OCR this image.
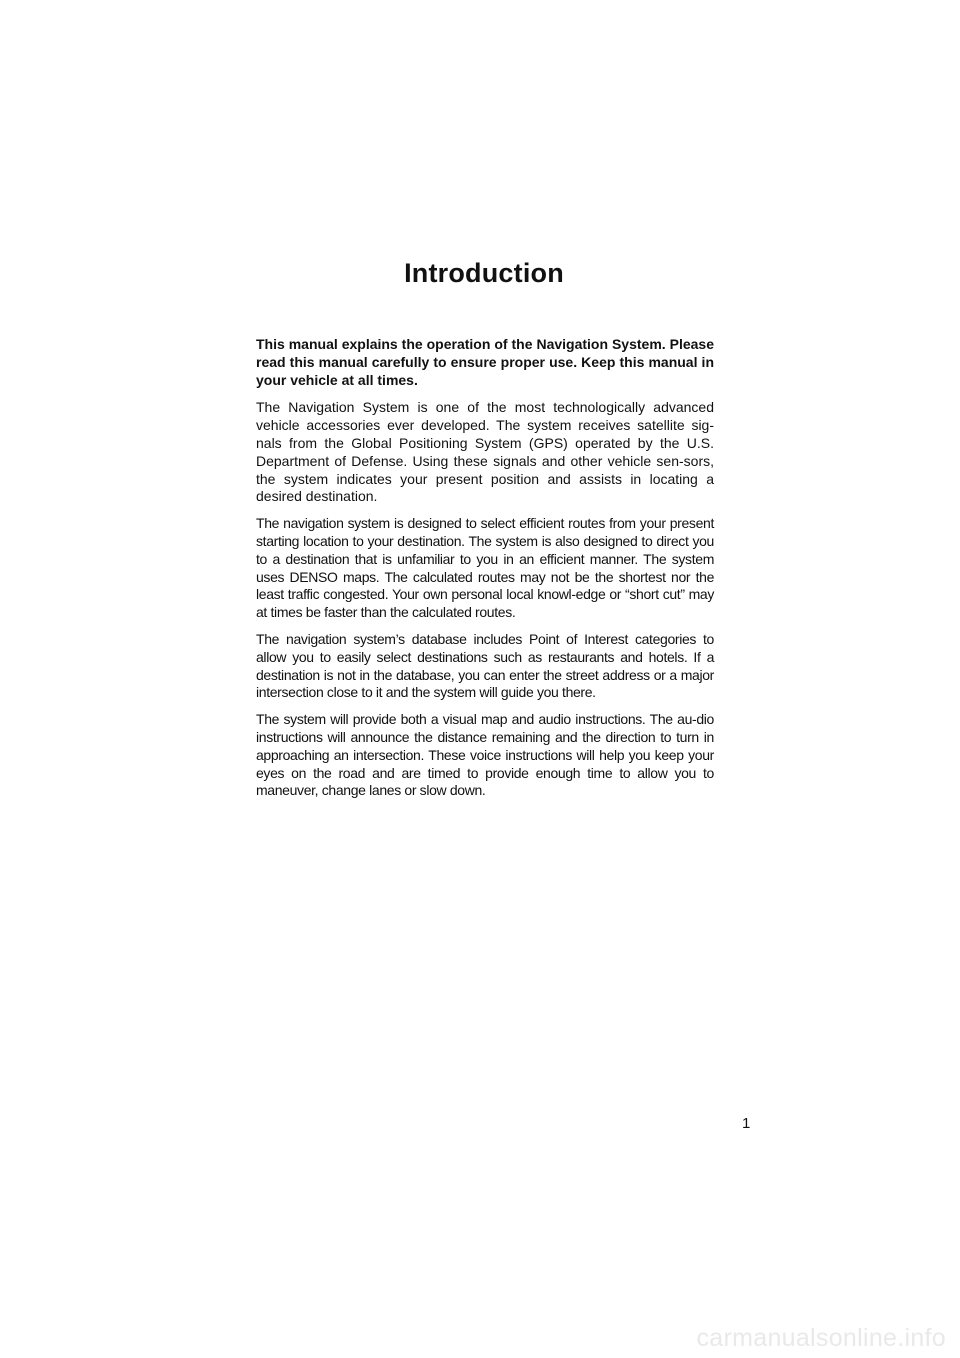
Introduction

This manual explains the operation of the Navigation System. Please read this manual carefully to ensure proper use. Keep this manual in your vehicle at all times.

The Navigation System is one of the most technologically advanced vehicle accessories ever developed. The system receives satellite sig-nals from the Global Positioning System (GPS) operated by the U.S. Department of Defense. Using these signals and other vehicle sen-sors, the system indicates your present position and assists in locating a desired destination.

The navigation system is designed to select efficient routes from your present starting location to your destination. The system is also designed to direct you to a destination that is unfamiliar to you in an efficient manner. The system uses DENSO maps. The calculated routes may not be the shortest nor the least traffic congested. Your own personal local knowl-edge or “short cut” may at times be faster than the calculated routes.

The navigation system’s database includes Point of Interest categories to allow you to easily select destinations such as restaurants and hotels. If a destination is not in the database, you can enter the street address or a major intersection close to it and the system will guide you there.

The system will provide both a visual map and audio instructions. The au-dio instructions will announce the distance remaining and the direction to turn in approaching an intersection. These voice instructions will help you keep your eyes on the road and are timed to provide enough time to allow you to maneuver, change lanes or slow down.

1
carmanualsonline.info
